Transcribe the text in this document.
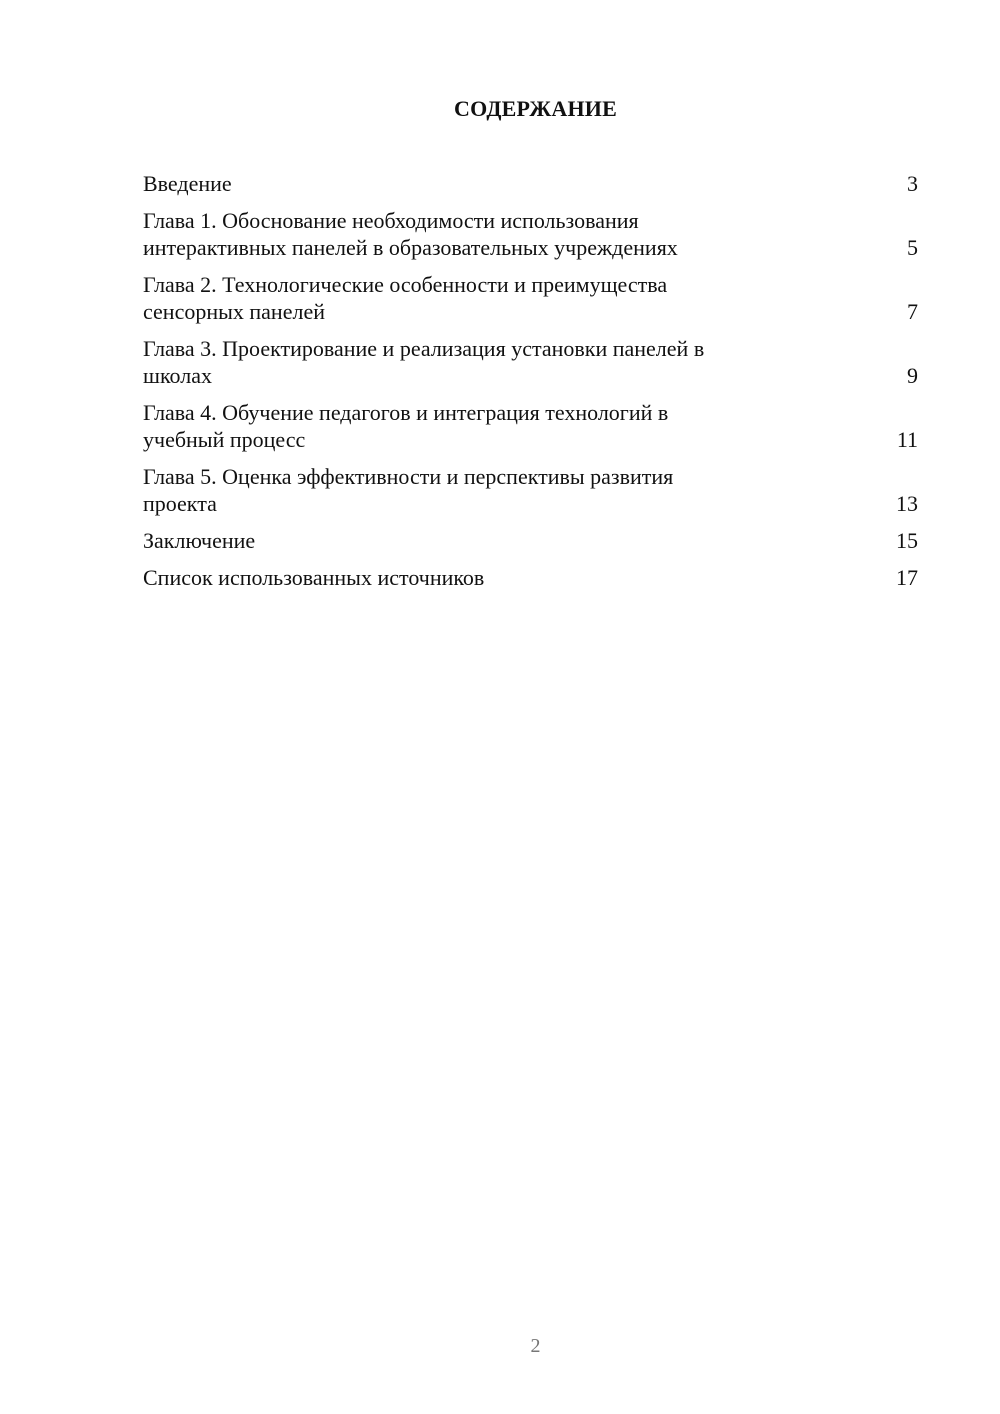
СОДЕРЖАНИЕ
Введение	3
Глава 1. Обоснование необходимости использования
интерактивных панелей в образовательных учреждениях	5
Глава 2. Технологические особенности и преимущества
сенсорных панелей	7
Глава 3. Проектирование и реализация установки панелей в
школах	9
Глава 4. Обучение педагогов и интеграция технологий в
учебный процесс	11
Глава 5. Оценка эффективности и перспективы развития
проекта	13
Заключение	15
Список использованных источников	17
2
